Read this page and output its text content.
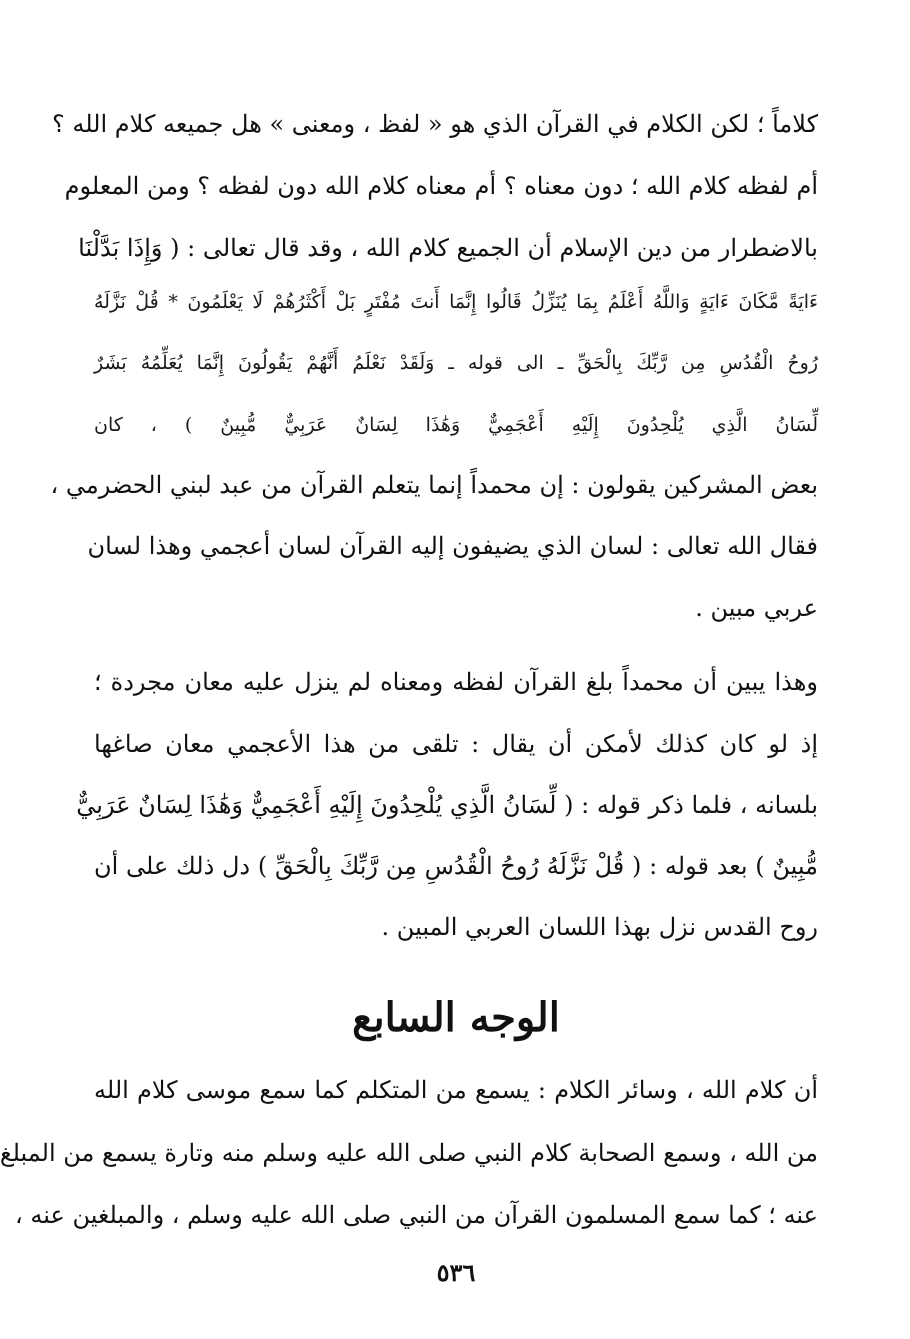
كلاماً ؛ لكن الكلام في القرآن الذي هو « لفظ ، ومعنى » هل جميعه كلام الله ؟
أم لفظه كلام الله ؛ دون معناه ؟ أم معناه كلام الله دون لفظه ؟ ومن المعلوم
بالاضطرار من دين الإسلام أن الجميع كلام الله ، وقد قال تعالى : ( وَإِذَا بَدَّلْنَا
ءَايَةً مَّكَانَ ءَايَةٍ وَاللَّهُ أَعْلَمُ بِمَا يُنَزِّلُ قَالُوا إِنَّمَا أَنتَ مُفْتَرٍ بَلْ أَكْثَرُهُمْ لَا يَعْلَمُونَ * قُلْ نَزَّلَهُ
رُوحُ الْقُدُسِ مِن رَّبِّكَ بِالْحَقِّ ـ الى قوله ـ وَلَقَدْ نَعْلَمُ أَنَّهُمْ يَقُولُونَ إِنَّمَا يُعَلِّمُهُ بَشَرٌ
لِّسَانُ الَّذِي يُلْحِدُونَ إِلَيْهِ أَعْجَمِيٌّ وَهَٰذَا لِسَانٌ عَرَبِيٌّ مُّبِينٌ ) ، كان
بعض المشركين يقولون : إن محمداً إنما يتعلم القرآن من عبد لبني الحضرمي ،
فقال الله تعالى : لسان الذي يضيفون إليه القرآن لسان أعجمي وهذا لسان
عربي مبين .
وهذا يبين أن محمداً بلغ القرآن لفظه ومعناه لم ينزل عليه معان مجردة ؛
إذ لو كان كذلك لأمكن أن يقال : تلقى من هذا الأعجمي معان صاغها
بلسانه ، فلما ذكر قوله : ( لِّسَانُ الَّذِي يُلْحِدُونَ إِلَيْهِ أَعْجَمِيٌّ وَهَٰذَا لِسَانٌ عَرَبِيٌّ
مُّبِينٌ ) بعد قوله : ( قُلْ نَزَّلَهُ رُوحُ الْقُدُسِ مِن رَّبِّكَ بِالْحَقِّ ) دل ذلك على أن
روح القدس نزل بهذا اللسان العربي المبين .
الوجه السابع
أن كلام الله ، وسائر الكلام : يسمع من المتكلم كما سمع موسى كلام الله
من الله ، وسمع الصحابة كلام النبي صلى الله عليه وسلم منه وتارة يسمع من المبلغ
عنه ؛ كما سمع المسلمون القرآن من النبي صلى الله عليه وسلم ، والمبلغين عنه ،
٥٣٦
